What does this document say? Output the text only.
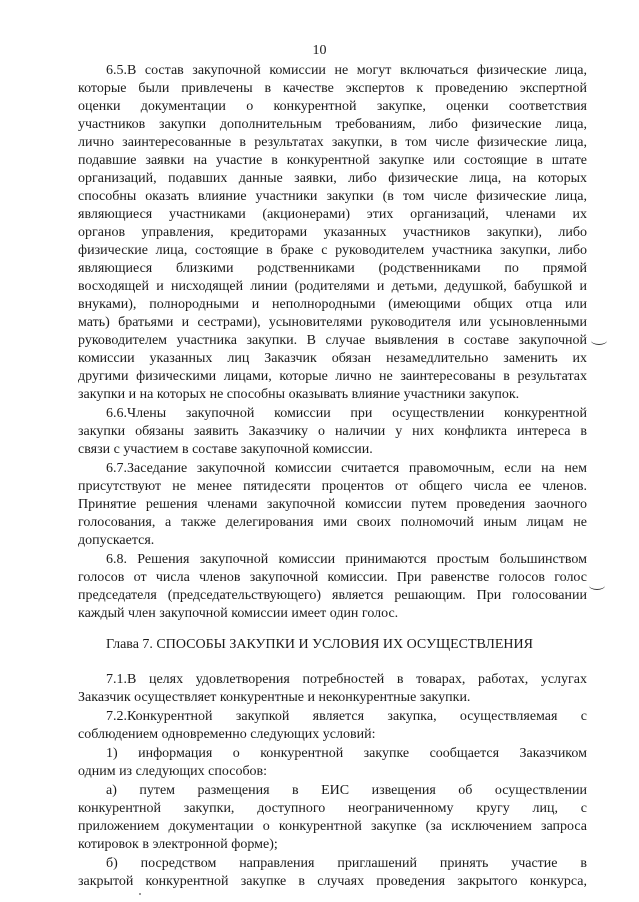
10
6.5.В состав закупочной комиссии не могут включаться физические лица,
которые были привлечены в качестве экспертов к проведению экспертной
оценки документации о конкурентной закупке, оценки соответствия
участников закупки дополнительным требованиям, либо физические лица,
лично заинтересованные в результатах закупки, в том числе физические лица,
подавшие заявки на участие в конкурентной закупке или состоящие в штате
организаций, подавших данные заявки, либо физические лица, на которых
способны оказать влияние участники закупки (в том числе физические лица,
являющиеся участниками (акционерами) этих организаций, членами их
органов управления, кредиторами указанных участников закупки), либо
физические лица, состоящие в браке с руководителем участника закупки, либо
являющиеся близкими родственниками (родственниками по прямой
восходящей и нисходящей линии (родителями и детьми, дедушкой, бабушкой и
внуками), полнородными и неполнородными (имеющими общих отца или
мать) братьями и сестрами), усыновителями руководителя или усыновленными
руководителем участника закупки. В случае выявления в составе закупочной
комиссии указанных лиц Заказчик обязан незамедлительно заменить их
другими физическими лицами, которые лично не заинтересованы в результатах
закупки и на которых не способны оказывать влияние участники закупок.
6.6.Члены закупочной комиссии при осуществлении конкурентной
закупки обязаны заявить Заказчику о наличии у них конфликта интереса в
связи с участием в составе закупочной комиссии.
6.7.Заседание закупочной комиссии считается правомочным, если на нем
присутствуют не менее пятидесяти процентов от общего числа ее членов.
Принятие решения членами закупочной комиссии путем проведения заочного
голосования, а также делегирования ими своих полномочий иным лицам не
допускается.
6.8. Решения закупочной комиссии принимаются простым большинством
голосов от числа членов закупочной комиссии. При равенстве голосов голос
председателя (председательствующего) является решающим. При голосовании
каждый член закупочной комиссии имеет один голос.
Глава 7. СПОСОБЫ ЗАКУПКИ И УСЛОВИЯ ИХ ОСУЩЕСТВЛЕНИЯ
7.1.В целях удовлетворения потребностей в товарах, работах, услугах
Заказчик осуществляет конкурентные и неконкурентные закупки.
7.2.Конкурентной закупкой является закупка, осуществляемая с
соблюдением одновременно следующих условий:
1) информация о конкурентной закупке сообщается Заказчиком
одним из следующих способов:
а) путем размещения в ЕИС извещения об осуществлении
конкурентной закупки, доступного неограниченному кругу лиц, с
приложением документации о конкурентной закупке (за исключением запроса
котировок в электронной форме);
б) посредством направления приглашений принять участие в
закрытой конкурентной закупке в случаях проведения закрытого конкурса,
